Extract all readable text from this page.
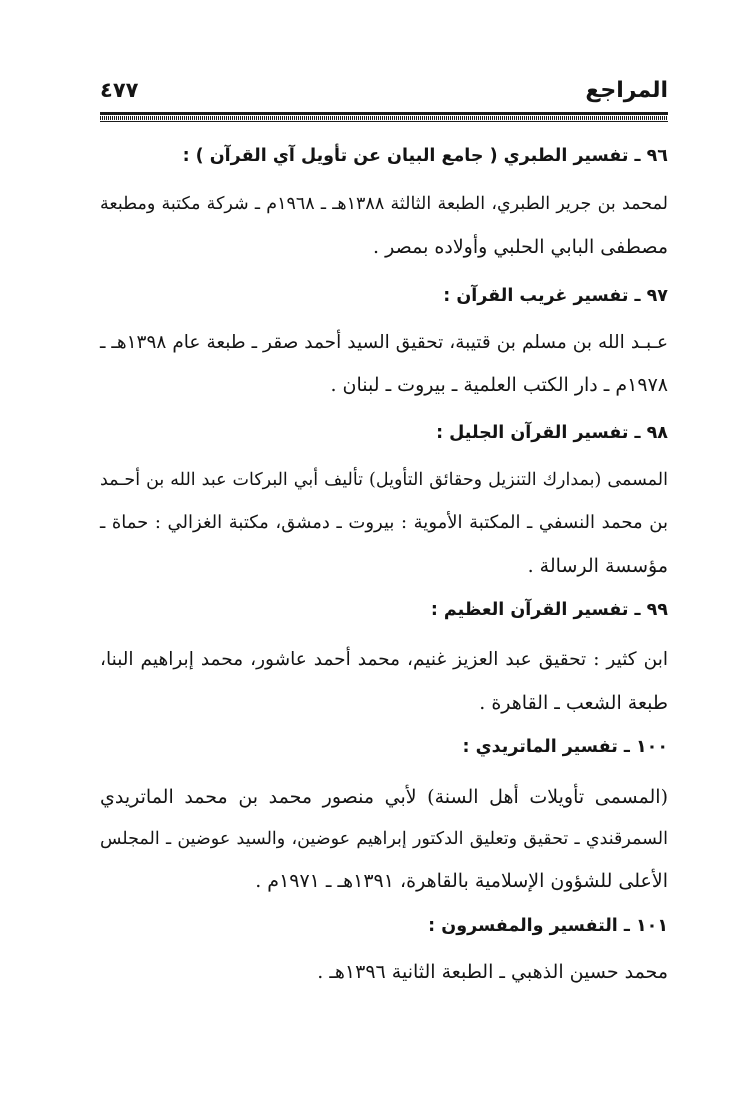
المراجع
٤٧٧
٩٦ ـ تفسير الطبري ( جامع البيان عن تأويل آي القرآن ) :
لمحمد بن جرير الطبري، الطبعة الثالثة ١٣٨٨هـ ـ ١٩٦٨م ـ شركة مكتبة ومطبعة
مصطفى البابي الحلبي وأولاده بمصر .
٩٧ ـ تفسير غريب القرآن :
عـبـد الله بن مسلم بن قتيبة، تحقيق السيد أحمد صقر ـ طبعة عام ١٣٩٨هـ ـ
١٩٧٨م ـ دار الكتب العلمية ـ بيروت ـ لبنان .
٩٨ ـ تفسير القرآن الجليل :
المسمى (بمدارك التنزيل وحقائق التأويل) تأليف أبي البركات عبد الله بن أحـمد
بن محمد النسفي ـ المكتبة الأموية : بيروت ـ دمشق، مكتبة الغزالي : حماة ـ
مؤسسة الرسالة .
٩٩ ـ تفسير القرآن العظيم :
ابن كثير : تحقيق عبد العزيز غنيم، محمد أحمد عاشور، محمد إبراهيم البنا،
طبعة الشعب ـ القاهرة .
١٠٠ ـ تفسير الماتريدي :
(المسمى تأويلات أهل السنة) لأبي منصور محمد بن محمد الماتريدي
السمرقندي ـ تحقيق وتعليق الدكتور إبراهيم عوضين، والسيد عوضين ـ المجلس
الأعلى للشؤون الإسلامية بالقاهرة، ١٣٩١هـ ـ ١٩٧١م .
١٠١ ـ التفسير والمفسرون :
محمد حسين الذهبي ـ الطبعة الثانية ١٣٩٦هـ .
